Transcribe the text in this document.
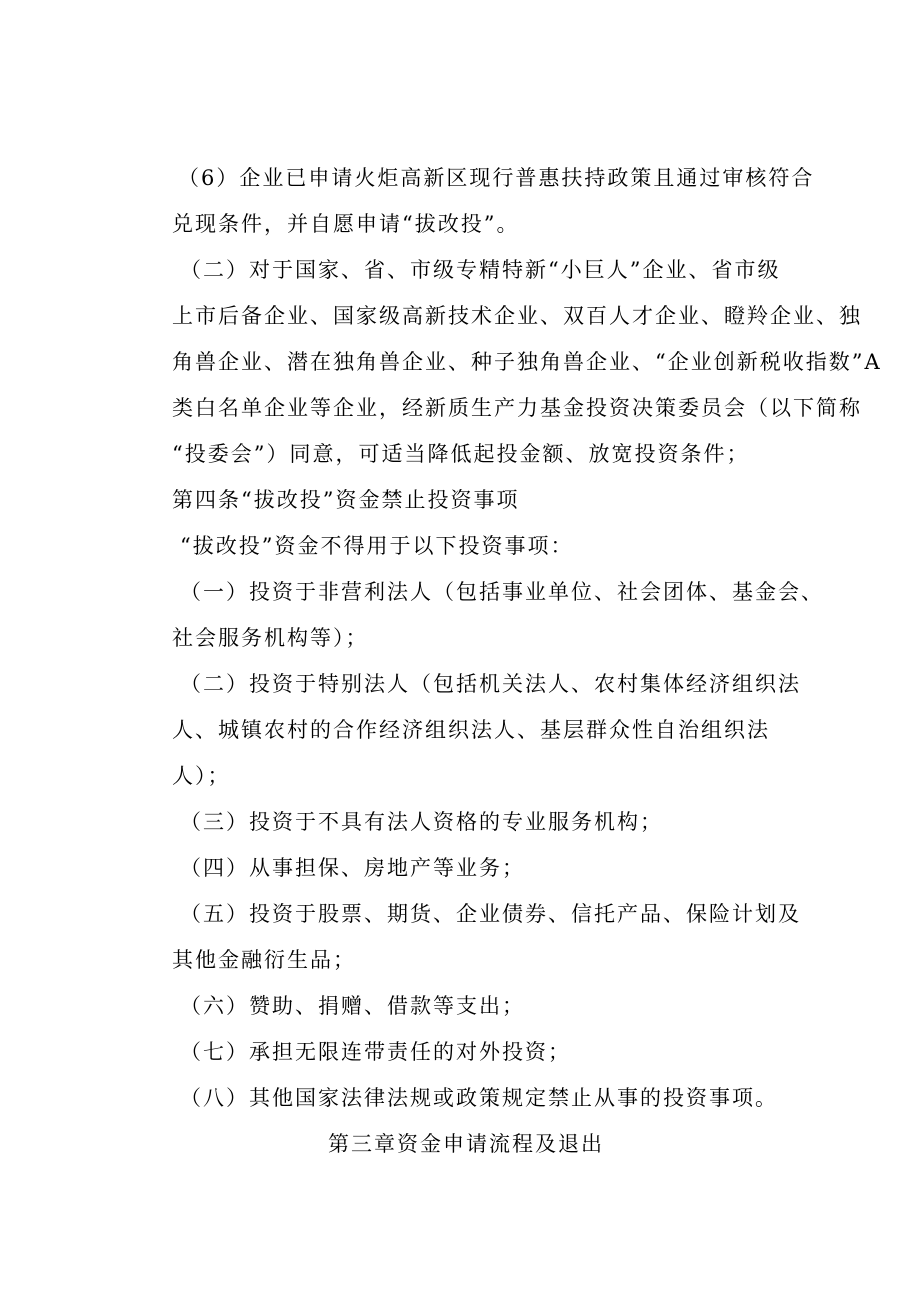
（6）企业已申请火炬高新区现行普惠扶持政策且通过审核符合
兑现条件，并自愿申请“拔改投”。
（二）对于国家、省、市级专精特新“小巨人”企业、省市级
上市后备企业、国家级高新技术企业、双百人才企业、瞪羚企业、独
角兽企业、潜在独角兽企业、种子独角兽企业、“企业创新税收指数”A
类白名单企业等企业，经新质生产力基金投资决策委员会（以下简称
“投委会”）同意，可适当降低起投金额、放宽投资条件；
第四条“拔改投”资金禁止投资事项
“拔改投”资金不得用于以下投资事项：
（一）投资于非营利法人（包括事业单位、社会团体、基金会、
社会服务机构等）；
（二）投资于特别法人（包括机关法人、农村集体经济组织法
人、城镇农村的合作经济组织法人、基层群众性自治组织法
人）；
（三）投资于不具有法人资格的专业服务机构；
（四）从事担保、房地产等业务；
（五）投资于股票、期货、企业债券、信托产品、保险计划及
其他金融衍生品；
（六）赞助、捐赠、借款等支出；
（七）承担无限连带责任的对外投资；
（八）其他国家法律法规或政策规定禁止从事的投资事项。
第三章资金申请流程及退出
